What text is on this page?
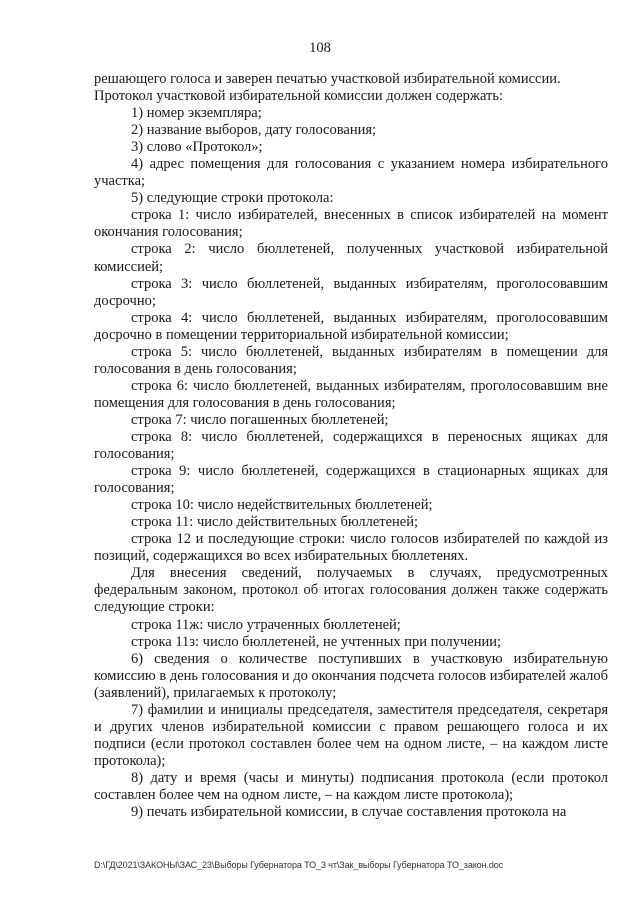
108

решающего голоса и заверен печатью участковой избирательной комиссии.

Протокол участковой избирательной комиссии должен содержать:

1) номер экземпляра;

2) название выборов, дату голосования;

3) слово «Протокол»;

4) адрес помещения для голосования с указанием номера избирательного участка;

5) следующие строки протокола:

строка 1: число избирателей, внесенных в список избирателей на момент окончания голосования;

строка 2: число бюллетеней, полученных участковой избирательной комиссией;

строка 3: число бюллетеней, выданных избирателям, проголосовавшим досрочно;

строка 4: число бюллетеней, выданных избирателям, проголосовавшим досрочно в помещении территориальной избирательной комиссии;

строка 5: число бюллетеней, выданных избирателям в помещении для голосования в день голосования;

строка 6: число бюллетеней, выданных избирателям, проголосовавшим вне помещения для голосования в день голосования;

строка 7: число погашенных бюллетеней;

строка 8: число бюллетеней, содержащихся в переносных ящиках для голосования;

строка 9: число бюллетеней, содержащихся в стационарных ящиках для голосования;

строка 10: число недействительных бюллетеней;

строка 11: число действительных бюллетеней;

строка 12 и последующие строки: число голосов избирателей по каждой из позиций, содержащихся во всех избирательных бюллетенях.

Для внесения сведений, получаемых в случаях, предусмотренных федеральным законом, протокол об итогах голосования должен также содержать следующие строки:

строка 11ж: число утраченных бюллетеней;

строка 11з: число бюллетеней, не учтенных при получении;

6) сведения о количестве поступивших в участковую избирательную комиссию в день голосования и до окончания подсчета голосов избирателей жалоб (заявлений), прилагаемых к протоколу;

7) фамилии и инициалы председателя, заместителя председателя, секретаря и других членов избирательной комиссии с правом решающего голоса и их подписи (если протокол составлен более чем на одном листе, – на каждом листе протокола);

8) дату и время (часы и минуты) подписания протокола (если протокол составлен более чем на одном листе, – на каждом листе протокола);

9) печать избирательной комиссии, в случае составления протокола на

D:\ГД\2021\ЗАКОНЫ\ЗАС_23\Выборы Губернатора ТО_3 чт\Зак_выборы Губернатора ТО_закон.doc
